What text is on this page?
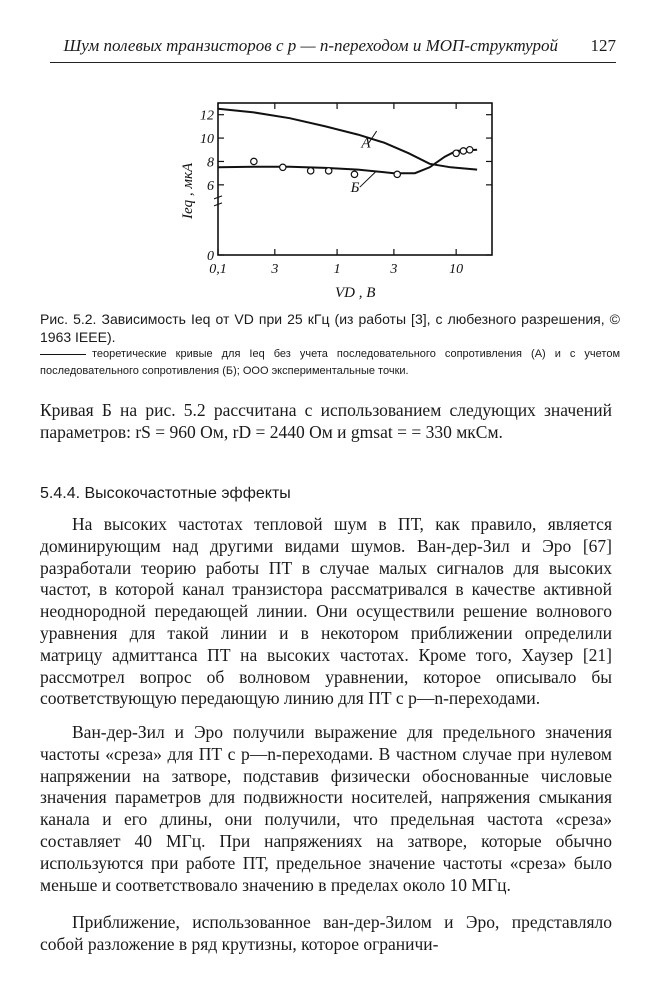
Шум полевых транзисторов с p — n-переходом и МОП-структурой 127
0,1	3	1	3	10
0
6
8
10
12
А
Б
Ieq , мкА
VD , В
Рис. 5.2. Зависимость Ieq от VD при 25 кГц (из работы [3], с любезного разрешения, © 1963 IEEE).
теоретические кривые для Ieq без учета последовательного сопротивления (А) и с учетом последовательного сопротивления (Б); ООО экспериментальные точки.
Кривая Б на рис. 5.2 рассчитана с использованием следующих значений параметров: rS = 960 Ом, rD = 2440 Ом и gmsat = = 330 мкСм.
5.4.4. Высокочастотные эффекты
На высоких частотах тепловой шум в ПТ, как правило, является доминирующим над другими видами шумов. Ван-дер-Зил и Эро [67] разработали теорию работы ПТ в случае малых сигналов для высоких частот, в которой канал транзистора рассматривался в качестве активной неоднородной передающей линии. Они осуществили решение волнового уравнения для такой линии и в некотором приближении определили матрицу адмиттанса ПТ на высоких частотах. Кроме того, Хаузер [21] рассмотрел вопрос об волновом уравнении, которое описывало бы соответствующую передающую линию для ПТ с p—n-переходами.
Ван-дер-Зил и Эро получили выражение для предельного значения частоты «среза» для ПТ с p—n-переходами. В частном случае при нулевом напряжении на затворе, подставив физически обоснованные числовые значения параметров для подвижности носителей, напряжения смыкания канала и его длины, они получили, что предельная частота «среза» составляет 40 МГц. При напряжениях на затворе, которые обычно используются при работе ПТ, предельное значение частоты «среза» было меньше и соответствовало значению в пределах около 10 МГц.
Приближение, использованное ван-дер-Зилом и Эро, представляло собой разложение в ряд крутизны, которое ограничи-
